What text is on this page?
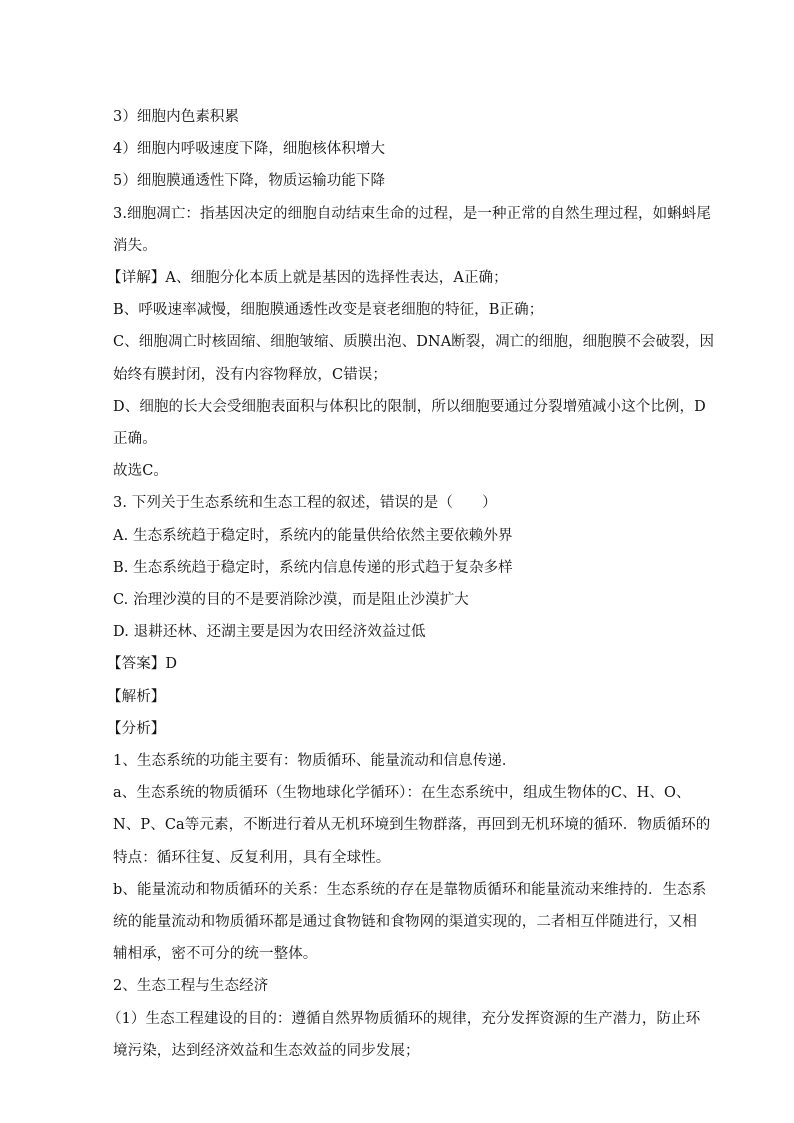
3）细胞内色素积累
4）细胞内呼吸速度下降，细胞核体积增大
5）细胞膜通透性下降，物质运输功能下降
3.细胞凋亡：指基因决定的细胞自动结束生命的过程，是一种正常的自然生理过程，如蝌蚪尾
消失。
【详解】A、细胞分化本质上就是基因的选择性表达，A正确；
B、呼吸速率减慢，细胞膜通透性改变是衰老细胞的特征，B正确；
C、细胞凋亡时核固缩、细胞皱缩、质膜出泡、DNA断裂，凋亡的细胞，细胞膜不会破裂，因
始终有膜封闭，没有内容物释放，C错误；
D、细胞的长大会受细胞表面积与体积比的限制，所以细胞要通过分裂增殖减小这个比例，D
正确。
故选C。
3. 下列关于生态系统和生态工程的叙述，错误的是（　　）
A. 生态系统趋于稳定时，系统内的能量供给依然主要依赖外界
B. 生态系统趋于稳定时，系统内信息传递的形式趋于复杂多样
C. 治理沙漠的目的不是要消除沙漠，而是阻止沙漠扩大
D. 退耕还林、还湖主要是因为农田经济效益过低
【答案】D
【解析】
【分析】
1、生态系统的功能主要有：物质循环、能量流动和信息传递．
a、生态系统的物质循环（生物地球化学循环）：在生态系统中，组成生物体的C、H、O、
N、P、Ca等元素，不断进行着从无机环境到生物群落，再回到无机环境的循环．物质循环的
特点：循环往复、反复利用，具有全球性。
b、能量流动和物质循环的关系：生态系统的存在是靠物质循环和能量流动来维持的．生态系
统的能量流动和物质循环都是通过食物链和食物网的渠道实现的，二者相互伴随进行，又相
辅相承，密不可分的统一整体。
2、生态工程与生态经济
（1）生态工程建设的目的：遵循自然界物质循环的规律，充分发挥资源的生产潜力，防止环
境污染，达到经济效益和生态效益的同步发展；
